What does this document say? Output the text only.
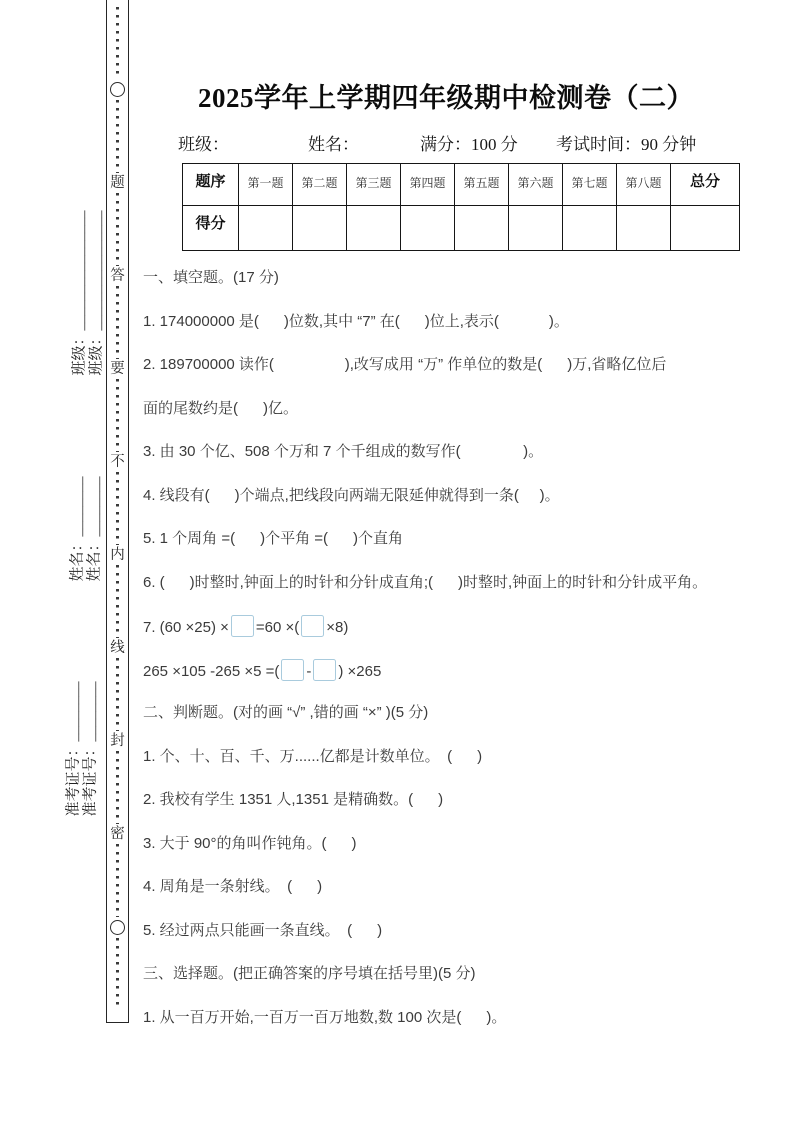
题
答
要
不
内
线
封
密
班级：________________ 班级：________________
姓名：________ 姓名：________
准考证号：________ 准考证号：________
2025学年上学期四年级期中检测卷（二）
班级：	姓名：	满分：100 分 考试时间：90 分钟
题序	第一题	第二题	第三题	第四题	第五题	第六题	第七题	第八题	总分
得分									
一、填空题。(17 分)
1. 174000000 是(      )位数,其中 “7” 在(      )位上,表示(            )。
2. 189700000 读作(                 ),改写成用 “万” 作单位的数是(      )万,省略亿位后
面的尾数约是(      )亿。
3. 由 30 个亿、508 个万和 7 个千组成的数写作(               )。
4. 线段有(      )个端点,把线段向两端无限延伸就得到一条(     )。
5. 1 个周角 =(      )个平角 =(      )个直角
6. (      )时整时,钟面上的时针和分针成直角;(      )时整时,钟面上的时针和分针成平角。
7. (60 ×25) × =60 ×( ×8)
265 ×105 -265 ×5 =( - ) ×265
二、判断题。(对的画 “√” ,错的画 “×” )(5 分)
1. 个、十、百、千、万......亿都是计数单位。　(      )
2. 我校有学生 1351 人,1351 是精确数。(      )
3. 大于 90°的角叫作钝角。(      )
4. 周角是一条射线。　(      )
5. 经过两点只能画一条直线。　(      )
三、选择题。(把正确答案的序号填在括号里)(5 分)
1. 从一百万开始,一百万一百万地数,数 100 次是(      )。
